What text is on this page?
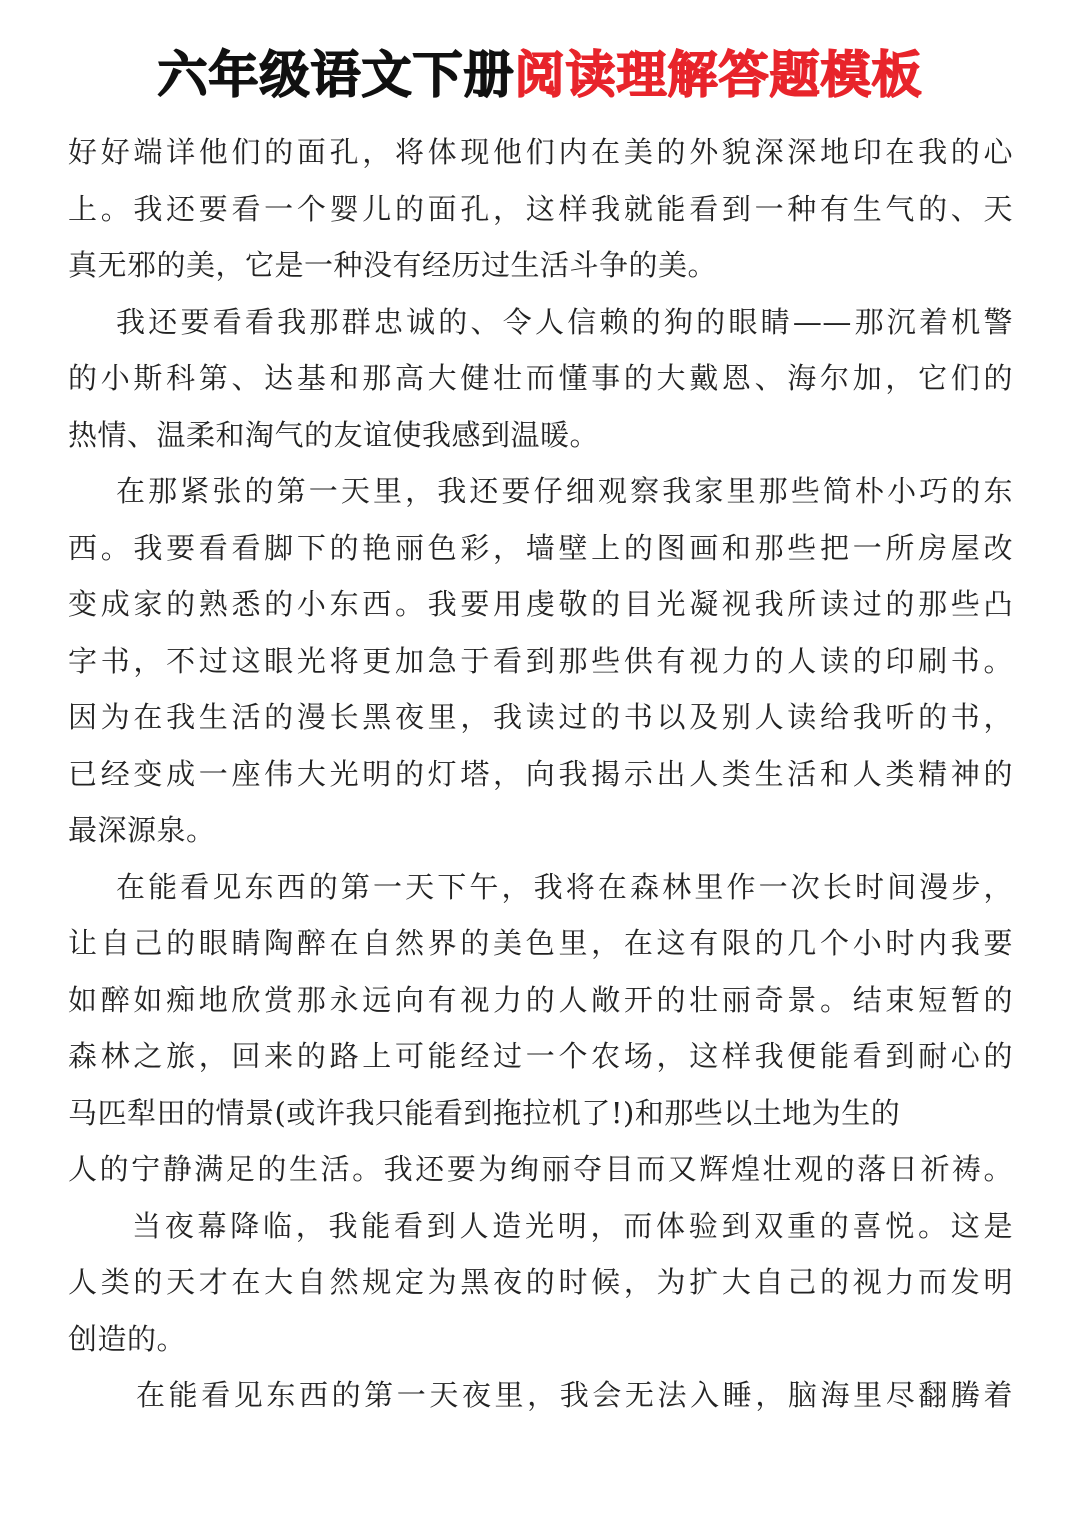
六年级语文下册阅读理解答题模板
好好端详他们的面孔，将体现他们内在美的外貌深深地印在我的心
上。我还要看一个婴儿的面孔，这样我就能看到一种有生气的、天
真无邪的美，它是一种没有经历过生活斗争的美。
我还要看看我那群忠诚的、令人信赖的狗的眼睛——那沉着机警
的小斯科第、达基和那高大健壮而懂事的大戴恩、海尔加，它们的
热情、温柔和淘气的友谊使我感到温暖。
在那紧张的第一天里，我还要仔细观察我家里那些简朴小巧的东
西。我要看看脚下的艳丽色彩，墙壁上的图画和那些把一所房屋改
变成家的熟悉的小东西。我要用虔敬的目光凝视我所读过的那些凸
字书，不过这眼光将更加急于看到那些供有视力的人读的印刷书。
因为在我生活的漫长黑夜里，我读过的书以及别人读给我听的书，
已经变成一座伟大光明的灯塔，向我揭示出人类生活和人类精神的
最深源泉。
在能看见东西的第一天下午，我将在森林里作一次长时间漫步，
让自己的眼睛陶醉在自然界的美色里，在这有限的几个小时内我要
如醉如痴地欣赏那永远向有视力的人敞开的壮丽奇景。结束短暂的
森林之旅，回来的路上可能经过一个农场，这样我便能看到耐心的
马匹犁田的情景(或许我只能看到拖拉机了!)和那些以土地为生的
人的宁静满足的生活。我还要为绚丽夺目而又辉煌壮观的落日祈祷。
当夜幕降临，我能看到人造光明，而体验到双重的喜悦。这是
人类的天才在大自然规定为黑夜的时候，为扩大自己的视力而发明
创造的。
在能看见东西的第一天夜里，我会无法入睡，脑海里尽翻腾着
